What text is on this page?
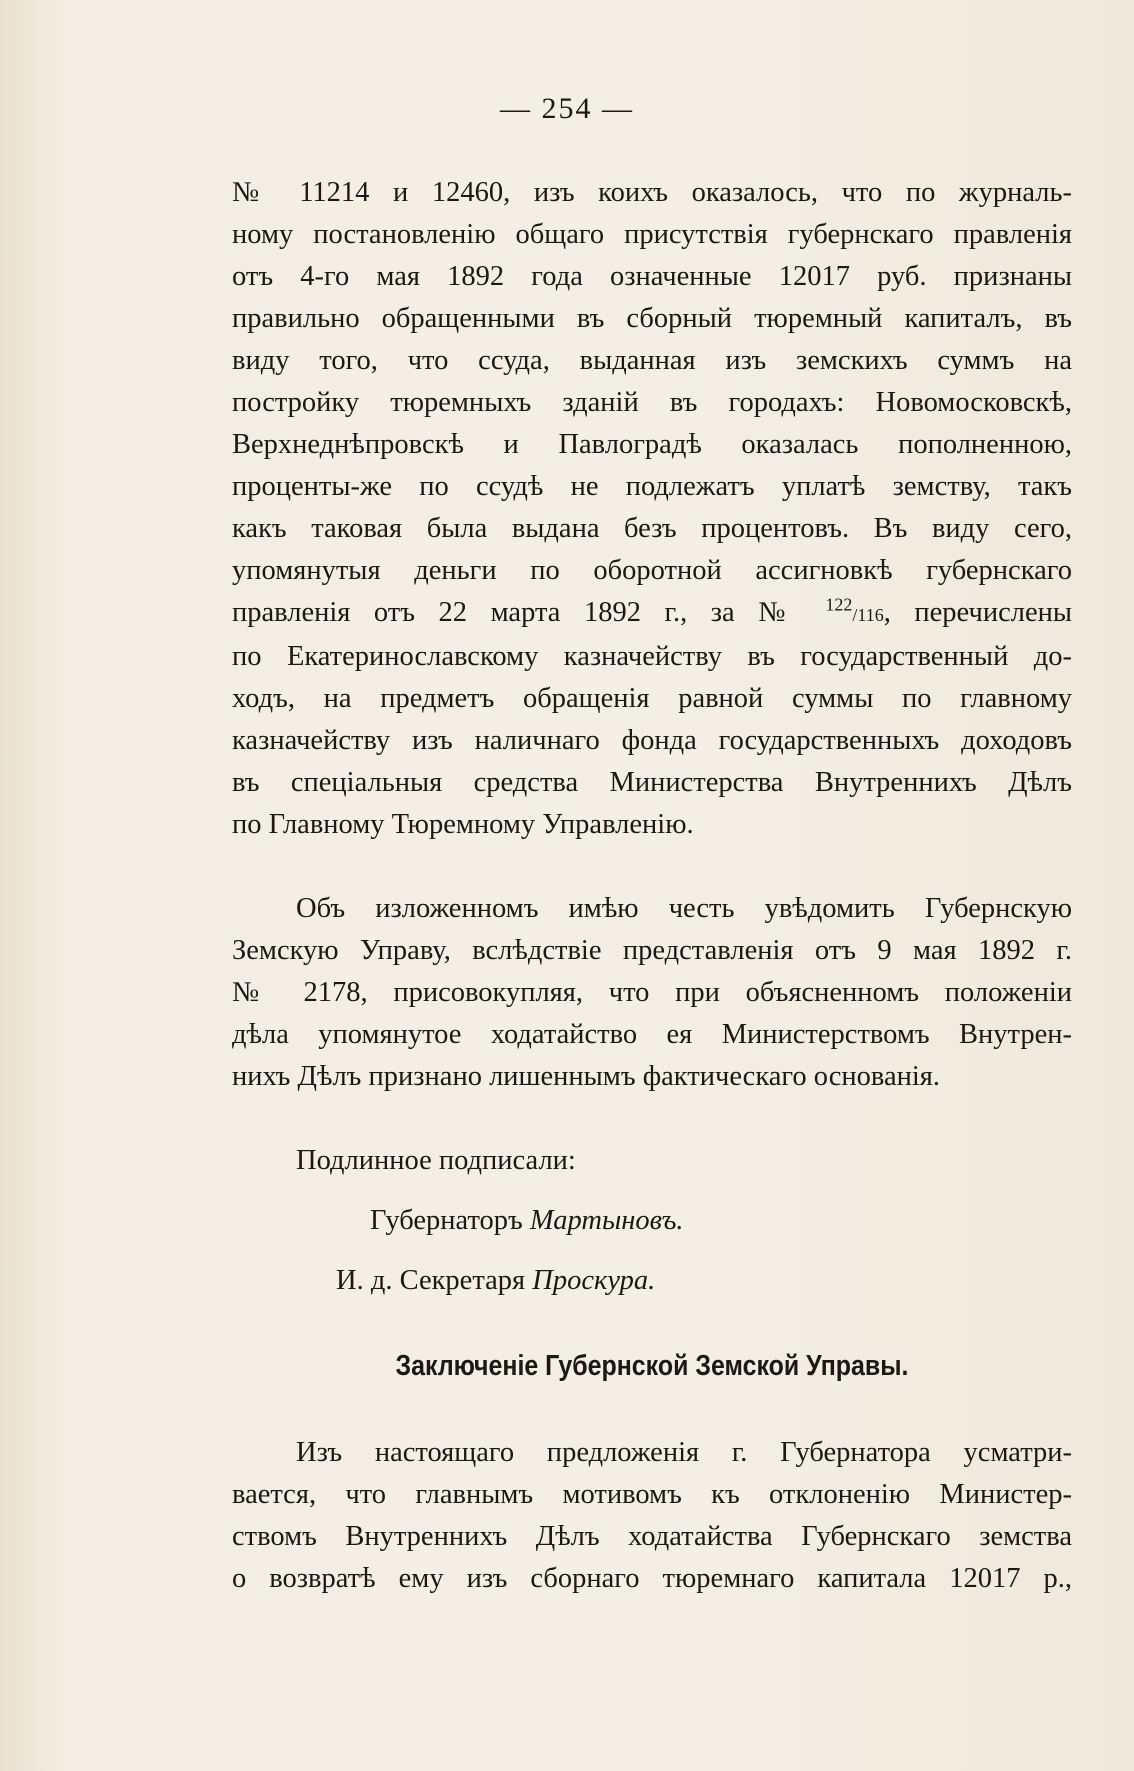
— 254 —
№ 11214 и 12460, изъ коихъ оказалось, что по журналь-
ному постановленію общаго присутствія губернскаго правленія
отъ 4-го мая 1892 года означенные 12017 руб. признаны
правильно обращенными въ сборный тюремный капиталъ, въ
виду того, что ссуда, выданная изъ земскихъ суммъ на
постройку тюремныхъ зданій въ городахъ: Новомосковскѣ,
Верхнеднѣпровскѣ и Павлоградѣ оказалась пополненною,
проценты-же по ссудѣ не подлежатъ уплатѣ земству, такъ
какъ таковая была выдана безъ процентовъ. Въ виду сего,
упомянутыя деньги по оборотной ассигновкѣ губернскаго
правленія отъ 22 марта 1892 г., за № $^{122}$/116, перечислены
по Екатеринославскому казначейству въ государственный до-
ходъ, на предметъ обращенія равной суммы по главному
казначейству изъ наличнаго фонда государственныхъ доходовъ
въ спеціальныя средства Министерства Внутреннихъ Дѣлъ
по Главному Тюремному Управленію.
Объ изложенномъ имѣю честь увѣдомить Губернскую
Земскую Управу, вслѣдствіе представленія отъ 9 мая 1892 г.
№ 2178, присовокупляя, что при объясненномъ положеніи
дѣла упомянутое ходатайство ея Министерствомъ Внутрен-
нихъ Дѣлъ признано лишеннымъ фактическаго основанія.
Подлинное подписали:
Губернаторъ Мартыновъ.
И. д. Секретаря Проскура.
Заключеніе Губернской Земской Управы.
Изъ настоящаго предложенія г. Губернатора усматри-
вается, что главнымъ мотивомъ къ отклоненію Министер-
ствомъ Внутреннихъ Дѣлъ ходатайства Губернскаго земства
о возвратѣ ему изъ сборнаго тюремнаго капитала 12017 р.,
